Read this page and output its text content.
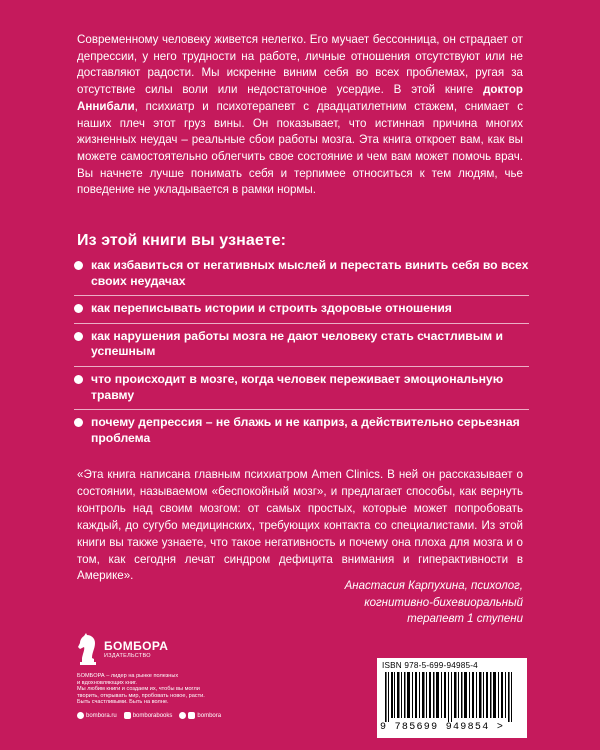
Современному человеку живется нелегко. Его мучает бессонница, он страдает от депрессии, у него трудности на работе, личные отношения отсутствуют или не доставляют радости. Мы искренне виним себя во всех проблемах, ругая за отсутствие силы воли или недостаточное усердие. В этой книге доктор Аннибали, психиатр и психотерапевт с двадцатилетним стажем, снимает с наших плеч этот груз вины. Он показывает, что истинная причина многих жизненных неудач – реальные сбои работы мозга. Эта книга откроет вам, как вы можете самостоятельно облегчить свое состояние и чем вам может помочь врач. Вы начнете лучше понимать себя и терпимее относиться к тем людям, чье поведение не укладывается в рамки нормы.

Из этой книги вы узнаете:
как избавиться от негативных мыслей и перестать винить себя во всех своих неудачах
как переписывать истории и строить здоровые отношения
как нарушения работы мозга не дают человеку стать счастливым и успешным
что происходит в мозге, когда человек переживает эмоциональную травму
почему депрессия – не блажь и не каприз, а действительно серьезная проблема

«Эта книга написана главным психиатром Amen Clinics. В ней он рассказывает о состоянии, называемом «беспокойный мозг», и предлагает способы, как вернуть контроль над своим мозгом: от самых простых, которые может попробовать каждый, до сугубо медицинских, требующих контакта со специалистами. Из этой книги вы также узнаете, что такое негативность и почему она плоха для мозга и о том, как сегодня лечат синдром дефицита внимания и гиперактивности в Америке».

Анастасия Карпухина, психолог,
когнитивно-бихевиоральный
терапевт 1 ступени
БОМБОРА
ИЗДАТЕЛЬСТВО

БОМБОРА – лидер на рынке полезных
и вдохновляющих книг.
Мы любим книги и создаем их, чтобы вы могли
творить, открывать мир, пробовать новое, расти.
Быть счастливыми. Быть на волне.

bombora.ru	bomborabooks	bombora
ISBN 978-5-699-94985-4
9 785699 949854 >
